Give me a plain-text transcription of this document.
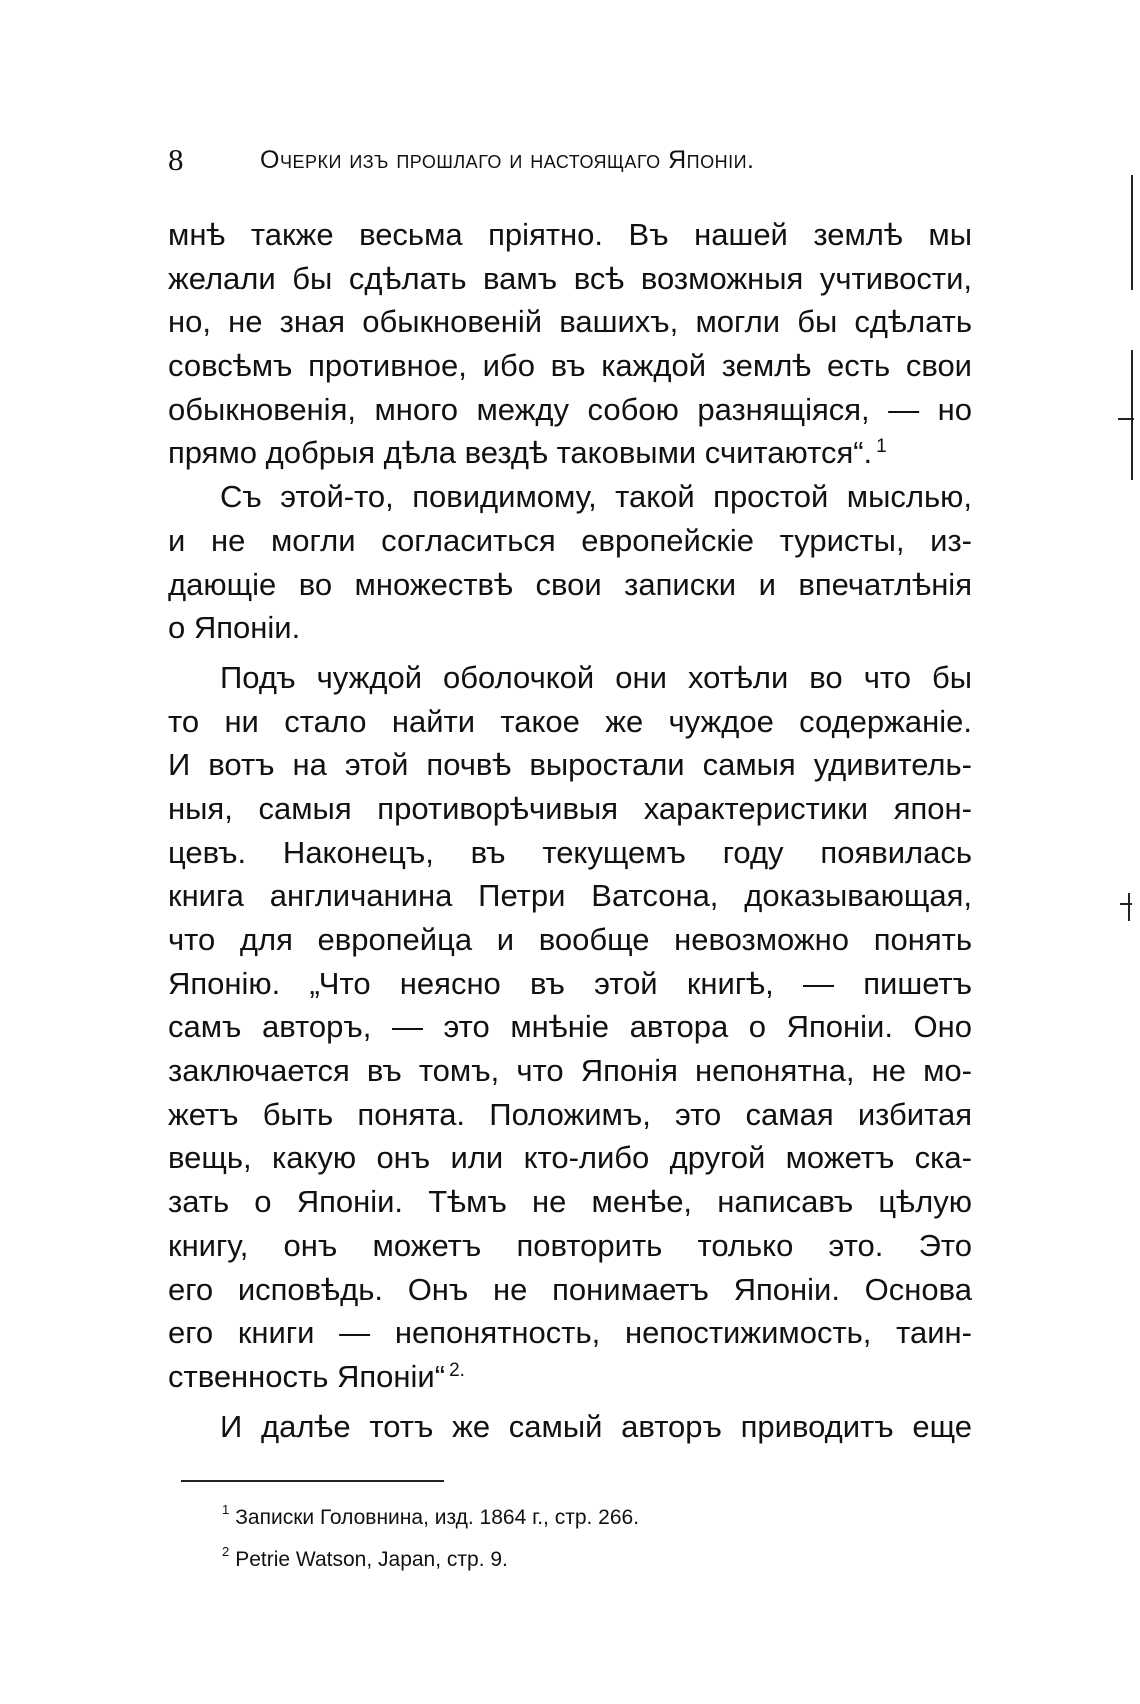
8	Очерки изъ прошлаго и настоящаго Японіи.
мнѣ также весьма пріятно. Въ нашей землѣ мы
желали бы сдѣлать вамъ всѣ возможныя учтивости,
но, не зная обыкновеній вашихъ, могли бы сдѣлать
совсѣмъ противное, ибо въ каждой землѣ есть свои
обыкновенія, много между собою разнящіяся, — но
прямо добрыя дѣла вездѣ таковыми считаются“. $^1$
Съ этой-то, повидимому, такой простой мыслью,
и не могли согласиться европейскіе туристы, из-
дающіе во множествѣ свои записки и впечатлѣнія
о Японіи.
Подъ чуждой оболочкой они хотѣли во что бы
то ни стало найти такое же чуждое содержаніе.
И вотъ на этой почвѣ выростали самыя удивитель-
ныя, самыя противорѣчивыя характеристики япон-
цевъ. Наконецъ, въ текущемъ году появилась
книга англичанина Петри Ватсона, доказывающая,
что для европейца и вообще невозможно понять
Японію. „Что неясно въ этой книгѣ, — пишетъ
самъ авторъ, — это мнѣніе автора о Японіи. Оно
заключается въ томъ, что Японія непонятна, не мо-
жетъ быть понята. Положимъ, это самая избитая
вещь, какую онъ или кто-либо другой можетъ ска-
зать о Японіи. Тѣмъ не менѣе, написавъ цѣлую
книгу, онъ можетъ повторить только это. Это
его исповѣдь. Онъ не понимаетъ Японіи. Основа
его книги — непонятность, непостижимость, таин-
ственность Японіи“ $^{2.}$
И далѣе тотъ же самый авторъ приводитъ еще
$^1$ Записки Головнина, изд. 1864 г., стр. 266.
$^2$ Petrie Watson, Japan, стр. 9.
